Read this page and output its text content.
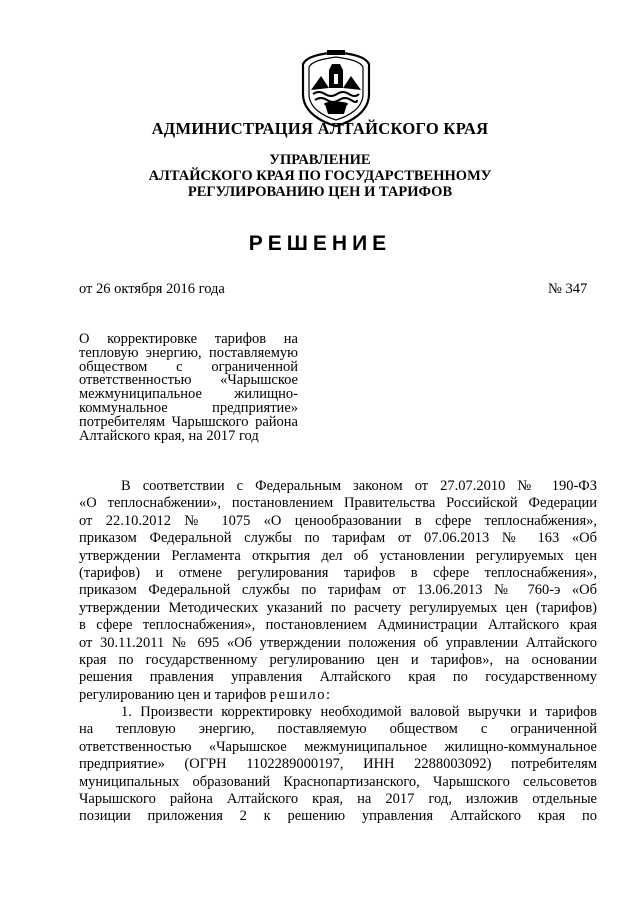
АДМИНИСТРАЦИЯ АЛТАЙСКОГО КРАЯ
УПРАВЛЕНИЕ
АЛТАЙСКОГО КРАЯ ПО ГОСУДАРСТВЕННОМУ
РЕГУЛИРОВАНИЮ ЦЕН И ТАРИФОВ
РЕШЕНИЕ
от 26 октября 2016 года	№ 347
О корректировке тарифов на тепловую энергию, поставляемую обществом с ограниченной ответственностью «Чарышское межмуниципальное жилищно-коммунальное предприятие» потребителям Чарышского района Алтайского края, на 2017 год
В соответствии с Федеральным законом от 27.07.2010 № 190-ФЗ
«О теплоснабжении», постановлением Правительства Российской Федерации
от 22.10.2012 № 1075 «О ценообразовании в сфере теплоснабжения»,
приказом Федеральной службы по тарифам от 07.06.2013 № 163 «Об
утверждении Регламента открытия дел об установлении регулируемых цен
(тарифов) и отмене регулирования тарифов в сфере теплоснабжения»,
приказом Федеральной службы по тарифам от 13.06.2013 № 760-э «Об
утверждении Методических указаний по расчету регулируемых цен (тарифов)
в сфере теплоснабжения», постановлением Администрации Алтайского края
от 30.11.2011 № 695 «Об утверждении положения об управлении Алтайского
края по государственному регулированию цен и тарифов», на основании
решения правления управления Алтайского края по государственному
регулированию цен и тарифов решило:
1. Произвести корректировку необходимой валовой выручки и тарифов
на тепловую энергию, поставляемую обществом с ограниченной
ответственностью «Чарышское межмуниципальное жилищно-коммунальное
предприятие» (ОГРН 1102289000197, ИНН 2288003092) потребителям
муниципальных образований Краснопартизанского, Чарышского сельсоветов
Чарышского района Алтайского края, на 2017 год, изложив отдельные
позиции приложения 2 к решению управления Алтайского края по
